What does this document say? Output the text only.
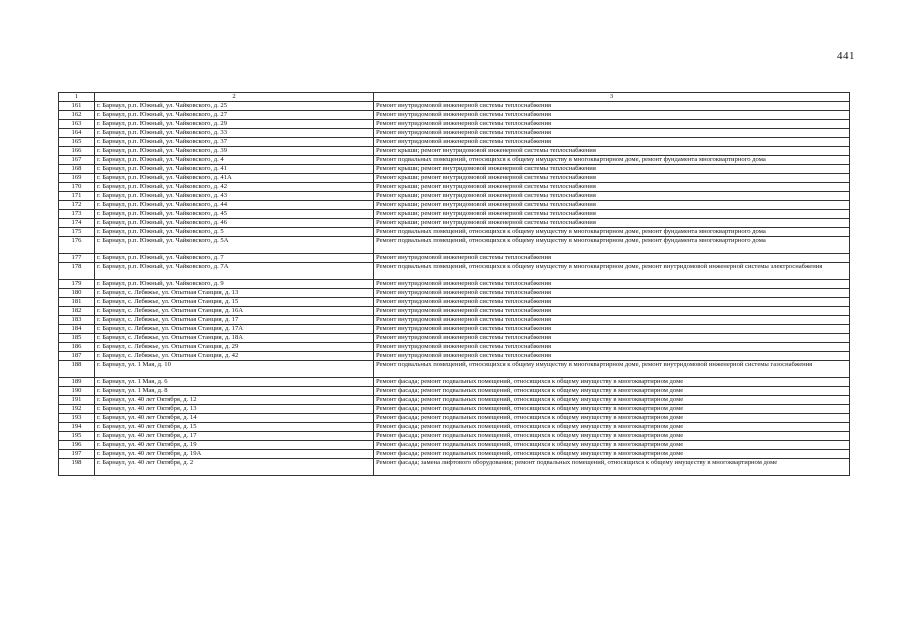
441
1	2	3
161	г. Барнаул, р.п. Южный, ул. Чайковского, д. 25	Ремонт внутридомовой инженерной системы теплоснабжения
162	г. Барнаул, р.п. Южный, ул. Чайковского, д. 27	Ремонт внутридомовой инженерной системы теплоснабжения
163	г. Барнаул, р.п. Южный, ул. Чайковского, д. 29	Ремонт внутридомовой инженерной системы теплоснабжения
164	г. Барнаул, р.п. Южный, ул. Чайковского, д. 33	Ремонт внутридомовой инженерной системы теплоснабжения
165	г. Барнаул, р.п. Южный, ул. Чайковского, д. 37	Ремонт внутридомовой инженерной системы теплоснабжения
166	г. Барнаул, р.п. Южный, ул. Чайковского, д. 39	Ремонт крыши; ремонт внутридомовой инженерной системы теплоснабжения
167	г. Барнаул, р.п. Южный, ул. Чайковского, д. 4	Ремонт подвальных помещений, относящихся к общему имуществу в многоквартирном доме, ремонт фундамента многоквартирного дома
168	г. Барнаул, р.п. Южный, ул. Чайковского, д. 41	Ремонт крыши; ремонт внутридомовой инженерной системы теплоснабжения
169	г. Барнаул, р.п. Южный, ул. Чайковского, д. 41А	Ремонт крыши; ремонт внутридомовой инженерной системы теплоснабжения
170	г. Барнаул, р.п. Южный, ул. Чайковского, д. 42	Ремонт крыши; ремонт внутридомовой инженерной системы теплоснабжения
171	г. Барнаул, р.п. Южный, ул. Чайковского, д. 43	Ремонт крыши; ремонт внутридомовой инженерной системы теплоснабжения
172	г. Барнаул, р.п. Южный, ул. Чайковского, д. 44	Ремонт крыши; ремонт внутридомовой инженерной системы теплоснабжения
173	г. Барнаул, р.п. Южный, ул. Чайковского, д. 45	Ремонт крыши; ремонт внутридомовой инженерной системы теплоснабжения
174	г. Барнаул, р.п. Южный, ул. Чайковского, д. 46	Ремонт крыши; ремонт внутридомовой инженерной системы теплоснабжения
175	г. Барнаул, р.п. Южный, ул. Чайковского, д. 5	Ремонт подвальных помещений, относящихся к общему имуществу в многоквартирном доме, ремонт фундамента многоквартирного дома
176	г. Барнаул, р.п. Южный, ул. Чайковского, д. 5А	Ремонт подвальных помещений, относящихся к общему имуществу в многоквартирном доме, ремонт фундамента многоквартирного дома
177	г. Барнаул, р.п. Южный, ул. Чайковского, д. 7	Ремонт внутридомовой инженерной системы теплоснабжения
178	г. Барнаул, р.п. Южный, ул. Чайковского, д. 7А	Ремонт подвальных помещений, относящихся к общему имуществу в многоквартирном доме, ремонт внутридомовой инженерной системы электроснабжения
179	г. Барнаул, р.п. Южный, ул. Чайковского, д. 9	Ремонт внутридомовой инженерной системы теплоснабжения
180	г. Барнаул, с. Лебяжье, ул. Опытная Станция, д. 13	Ремонт внутридомовой инженерной системы теплоснабжения
181	г. Барнаул, с. Лебяжье, ул. Опытная Станция, д. 15	Ремонт внутридомовой инженерной системы теплоснабжения
182	г. Барнаул, с. Лебяжье, ул. Опытная Станция, д. 16А	Ремонт внутридомовой инженерной системы теплоснабжения
183	г. Барнаул, с. Лебяжье, ул. Опытная Станция, д. 17	Ремонт внутридомовой инженерной системы теплоснабжения
184	г. Барнаул, с. Лебяжье, ул. Опытная Станция, д. 17А	Ремонт внутридомовой инженерной системы теплоснабжения
185	г. Барнаул, с. Лебяжье, ул. Опытная Станция, д. 18А	Ремонт внутридомовой инженерной системы теплоснабжения
186	г. Барнаул, с. Лебяжье, ул. Опытная Станция, д. 29	Ремонт внутридомовой инженерной системы теплоснабжения
187	г. Барнаул, с. Лебяжье, ул. Опытная Станция, д. 42	Ремонт внутридомовой инженерной системы теплоснабжения
188	г. Барнаул, ул. 1 Мая, д. 10	Ремонт подвальных помещений, относящихся к общему имуществу в многоквартирном доме, ремонт внутридомовой инженерной системы газоснабжения
189	г. Барнаул, ул. 1 Мая, д. 6	Ремонт фасада; ремонт подвальных помещений, относящихся к общему имуществу в многоквартирном доме
190	г. Барнаул, ул. 1 Мая, д. 8	Ремонт фасада; ремонт подвальных помещений, относящихся к общему имуществу в многоквартирном доме
191	г. Барнаул, ул. 40 лет Октября, д. 12	Ремонт фасада; ремонт подвальных помещений, относящихся к общему имуществу в многоквартирном доме
192	г. Барнаул, ул. 40 лет Октября, д. 13	Ремонт фасада; ремонт подвальных помещений, относящихся к общему имуществу в многоквартирном доме
193	г. Барнаул, ул. 40 лет Октября, д. 14	Ремонт фасада; ремонт подвальных помещений, относящихся к общему имуществу в многоквартирном доме
194	г. Барнаул, ул. 40 лет Октября, д. 15	Ремонт фасада; ремонт подвальных помещений, относящихся к общему имуществу в многоквартирном доме
195	г. Барнаул, ул. 40 лет Октября, д. 17	Ремонт фасада; ремонт подвальных помещений, относящихся к общему имуществу в многоквартирном доме
196	г. Барнаул, ул. 40 лет Октября, д. 19	Ремонт фасада; ремонт подвальных помещений, относящихся к общему имуществу в многоквартирном доме
197	г. Барнаул, ул. 40 лет Октября, д. 19А	Ремонт фасада; ремонт подвальных помещений, относящихся к общему имуществу в многоквартирном доме
198	г. Барнаул, ул. 40 лет Октября, д. 2	Ремонт фасада; замена лифтового оборудования; ремонт подвальных помещений, относящихся к общему имуществу в многоквартирном доме
